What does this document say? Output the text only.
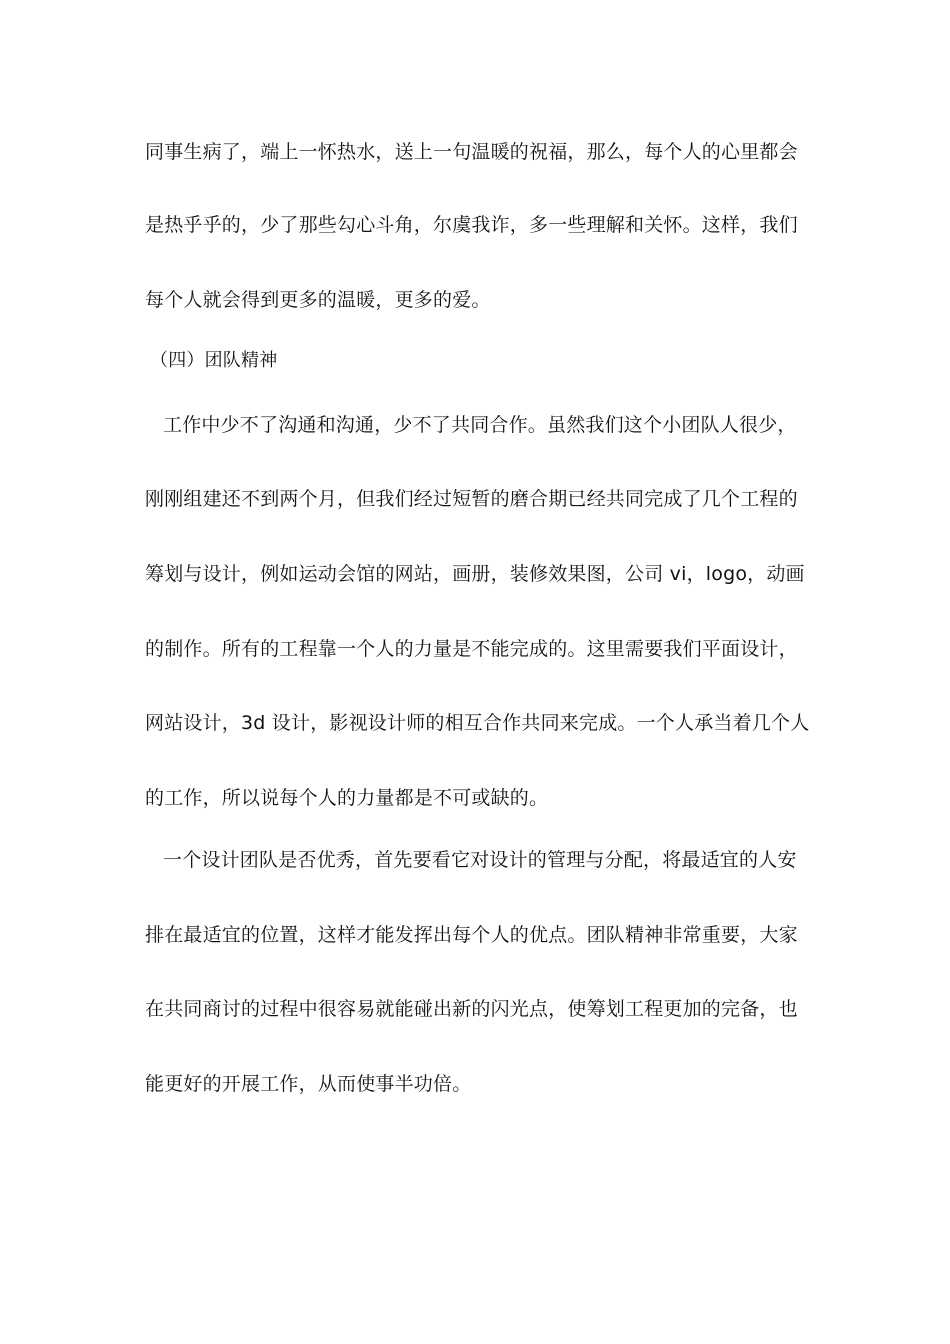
同事生病了，端上一怀热水，送上一句温暖的祝福，那么，每个人的心里都会
是热乎乎的，少了那些勾心斗角，尔虞我诈，多一些理解和关怀。这样，我们
每个人就会得到更多的温暖，更多的爱。
（四）团队精神
工作中少不了沟通和沟通，少不了共同合作。虽然我们这个小团队人很少，
刚刚组建还不到两个月，但我们经过短暂的磨合期已经共同完成了几个工程的
筹划与设计，例如运动会馆的网站，画册，装修效果图，公司 vi，logo，动画
的制作。所有的工程靠一个人的力量是不能完成的。这里需要我们平面设计，
网站设计，3d 设计，影视设计师的相互合作共同来完成。一个人承当着几个人
的工作，所以说每个人的力量都是不可或缺的。
一个设计团队是否优秀，首先要看它对设计的管理与分配，将最适宜的人安
排在最适宜的位置，这样才能发挥出每个人的优点。团队精神非常重要，大家
在共同商讨的过程中很容易就能碰出新的闪光点，使筹划工程更加的完备，也
能更好的开展工作，从而使事半功倍。
